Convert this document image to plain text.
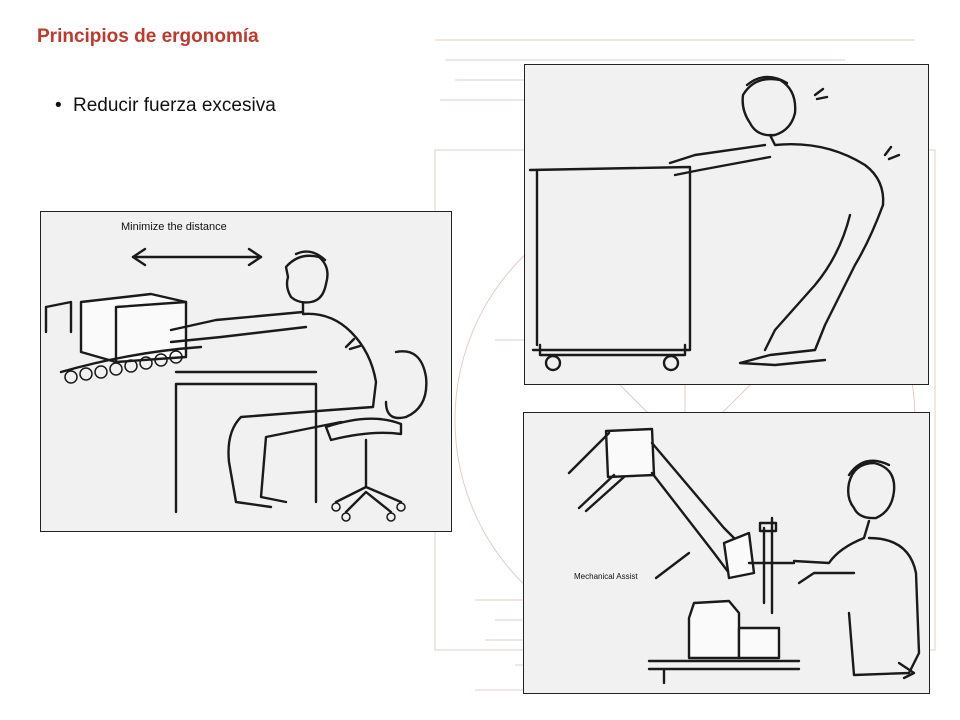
Principios de ergonomía
• Reducir fuerza excesiva
Minimize the distance
Mechanical Assist
